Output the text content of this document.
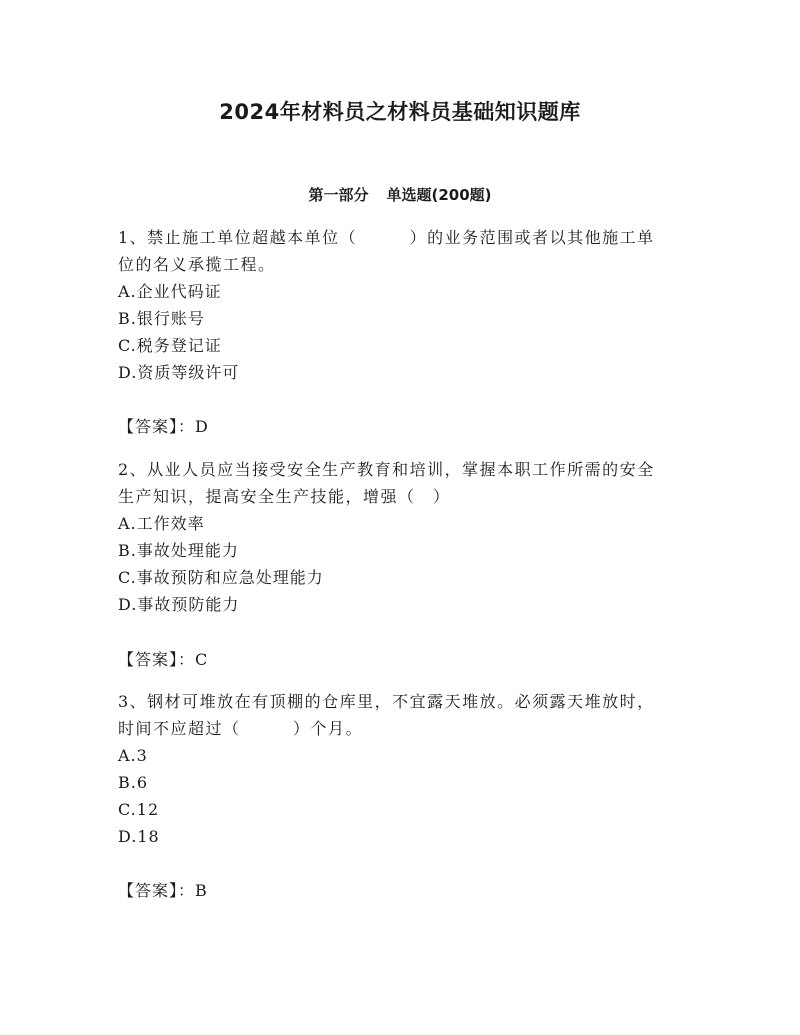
2024年材料员之材料员基础知识题库
第一部分 单选题(200题)
1、禁止施工单位超越本单位（　　　）的业务范围或者以其他施工单
位的名义承揽工程。
A.企业代码证
B.银行账号
C.税务登记证
D.资质等级许可
【答案】：D
2、从业人员应当接受安全生产教育和培训，掌握本职工作所需的安全
生产知识，提高安全生产技能，增强（　）
A.工作效率
B.事故处理能力
C.事故预防和应急处理能力
D.事故预防能力
【答案】：C
3、钢材可堆放在有顶棚的仓库里，不宜露天堆放。必须露天堆放时，
时间不应超过（　　　）个月。
A.3
B.6
C.12
D.18
【答案】：B
